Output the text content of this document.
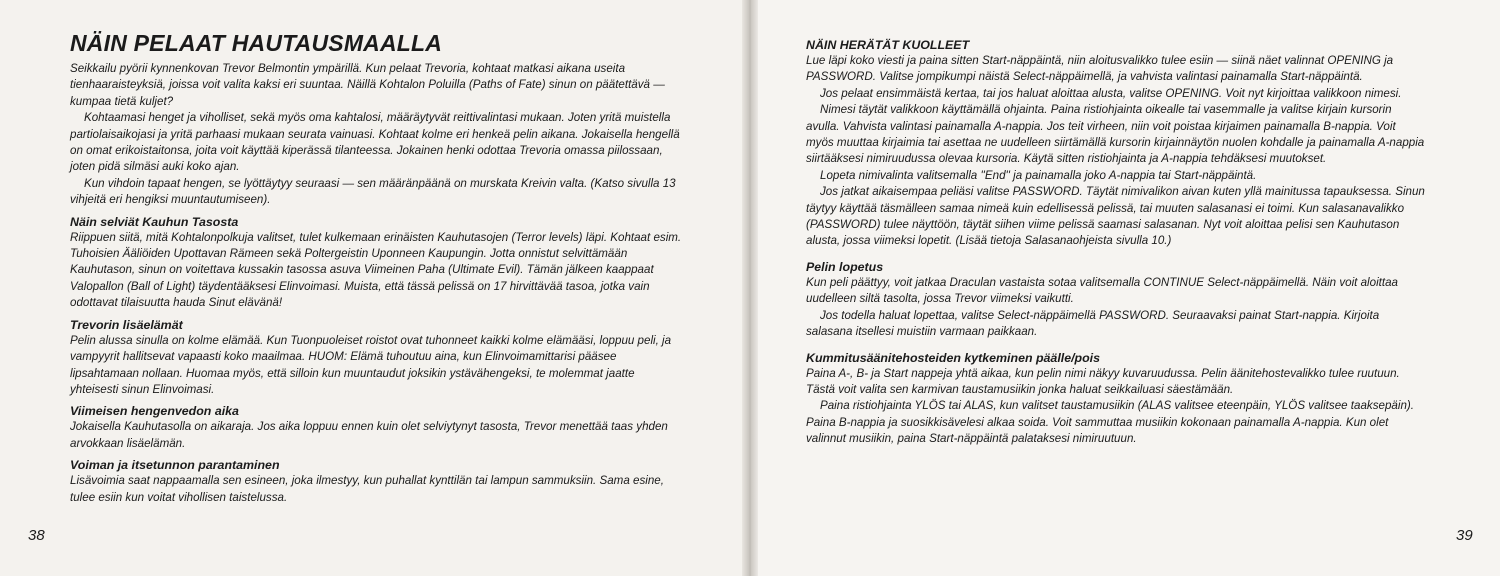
NÄIN PELAAT HAUTAUSMAALLA

Seikkailu pyörii kynnenkovan Trevor Belmontin ympärillä. Kun pelaat Trevoria, kohtaat matkasi aikana useita tienhaaraisteyksiä, joissa voit valita kaksi eri suuntaa. Näillä Kohtalon Poluilla (Paths of Fate) sinun on päätettävä — kumpaa tietä kuljet?

Kohtaamasi henget ja viholliset, sekä myös oma kahtalosi, määräytyvät reittivalintasi mukaan. Joten yritä muistella partiolaisaikojasi ja yritä parhaasi mukaan seurata vainuasi. Kohtaat kolme eri henkeä pelin aikana. Jokaisella hengellä on omat erikoistaitonsa, joita voit käyttää kiperässä tilanteessa. Jokainen henki odottaa Trevoria omassa piilossaan, joten pidä silmäsi auki koko ajan.

Kun vihdoin tapaat hengen, se lyöttäytyy seuraasi — sen määränpäänä on murskata Kreivin valta. (Katso sivulla 13 vihjeitä eri hengiksi muuntautumiseen).

Näin selviät Kauhun Tasosta

Riippuen siitä, mitä Kohtalonpolkuja valitset, tulet kulkemaan erinäisten Kauhutasojen (Terror levels) läpi. Kohtaat esim. Tuhoisien Ääliöiden Upottavan Rämeen sekä Poltergeistin Uponneen Kaupungin. Jotta onnistut selvittämään Kauhutason, sinun on voitettava kussakin tasossa asuva Viimeinen Paha (Ultimate Evil). Tämän jälkeen kaappaat Valopallon (Ball of Light) täydentääksesi Elinvoimasi. Muista, että tässä pelissä on 17 hirvittävää tasoa, jotka vain odottavat tilaisuutta hauda Sinut elävänä!

Trevorin lisäelämät

Pelin alussa sinulla on kolme elämää. Kun Tuonpuoleiset roistot ovat tuhonneet kaikki kolme elämääsi, loppuu peli, ja vampyyrit hallitsevat vapaasti koko maailmaa. HUOM: Elämä tuhoutuu aina, kun Elinvoimamittarisi pääsee lipsahtamaan nollaan. Huomaa myös, että silloin kun muuntaudut joksikin ystävähengeksi, te molemmat jaatte yhteisesti sinun Elinvoimasi.

Viimeisen hengenvedon aika

Jokaisella Kauhutasolla on aikaraja. Jos aika loppuu ennen kuin olet selviytynyt tasosta, Trevor menettää taas yhden arvokkaan lisäelämän.

Voiman ja itsetunnon parantaminen

Lisävoimia saat nappaamalla sen esineen, joka ilmestyy, kun puhallat kynttilän tai lampun sammuksiin. Sama esine, tulee esiin kun voitat vihollisen taistelussa.

NÄIN HERÄTÄT KUOLLEET

Lue läpi koko viesti ja paina sitten Start-näppäintä, niin aloitusvalikko tulee esiin — siinä näet valinnat OPENING ja PASSWORD. Valitse jompikumpi näistä Select-näppäimellä, ja vahvista valintasi painamalla Start-näppäintä.

Jos pelaat ensimmäistä kertaa, tai jos haluat aloittaa alusta, valitse OPENING. Voit nyt kirjoittaa valikkoon nimesi.

Nimesi täytät valikkoon käyttämällä ohjainta. Paina ristiohjainta oikealle tai vasemmalle ja valitse kirjain kursorin avulla. Vahvista valintasi painamalla A-nappia. Jos teit virheen, niin voit poistaa kirjaimen painamalla B-nappia. Voit myös muuttaa kirjaimia tai asettaa ne uudelleen siirtämällä kursorin kirjainnäytön nuolen kohdalle ja painamalla A-nappia siirtääksesi nimiruudussa olevaa kursoria. Käytä sitten ristiohjainta ja A-nappia tehdäksesi muutokset.

Lopeta nimivalinta valitsemalla ''End'' ja painamalla joko A-nappia tai Start-näppäintä.

Jos jatkat aikaisempaa peliäsi valitse PASSWORD. Täytät nimivalikon aivan kuten yllä mainitussa tapauksessa. Sinun täytyy käyttää täsmälleen samaa nimeä kuin edellisessä pelissä, tai muuten salasanasi ei toimi. Kun salasanavalikko (PASSWORD) tulee näyttöön, täytät siihen viime pelissä saamasi salasanan. Nyt voit aloittaa pelisi sen Kauhutason alusta, jossa viimeksi lopetit. (Lisää tietoja Salasanaohjeista sivulla 10.)

Pelin lopetus

Kun peli päättyy, voit jatkaa Draculan vastaista sotaa valitsemalla CONTINUE Select-näppäimellä. Näin voit aloittaa uudelleen siltä tasolta, jossa Trevor viimeksi vaikutti.

Jos todella haluat lopettaa, valitse Select-näppäimellä PASSWORD. Seuraavaksi painat Start-nappia. Kirjoita salasana itsellesi muistiin varmaan paikkaan.

Kummitusäänitehosteiden kytkeminen päälle/pois

Paina A-, B- ja Start nappeja yhtä aikaa, kun pelin nimi näkyy kuvaruudussa. Pelin äänitehostevalikko tulee ruutuun. Tästä voit valita sen karmivan taustamusiikin jonka haluat seikkailuasi säestämään.

Paina ristiohjainta YLÖS tai ALAS, kun valitset taustamusiikin (ALAS valitsee eteenpäin, YLÖS valitsee taaksepäin). Paina B-nappia ja suosikkisävelesi alkaa soida. Voit sammuttaa musiikin kokonaan painamalla A-nappia. Kun olet valinnut musiikin, paina Start-näppäintä palataksesi nimiruutuun.

38	39
